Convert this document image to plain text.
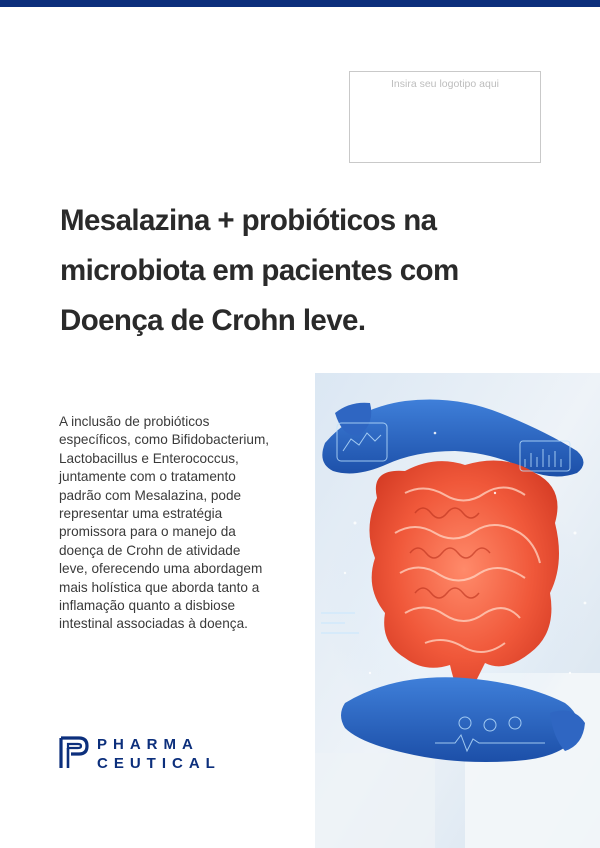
Insira seu logotipo aqui
Mesalazina + probióticos na
microbiota em pacientes com
Doença de Crohn leve.
A inclusão de probióticos
específicos, como Bifidobacterium,
Lactobacillus e Enterococcus,
juntamente com o tratamento
padrão com Mesalazina, pode
representar uma estratégia
promissora para o manejo da
doença de Crohn de atividade
leve, oferecendo uma abordagem
mais holística que aborda tanto a
inflamação quanto a disbiose
intestinal associadas à doença.
PHARMA
CEUTICAL
